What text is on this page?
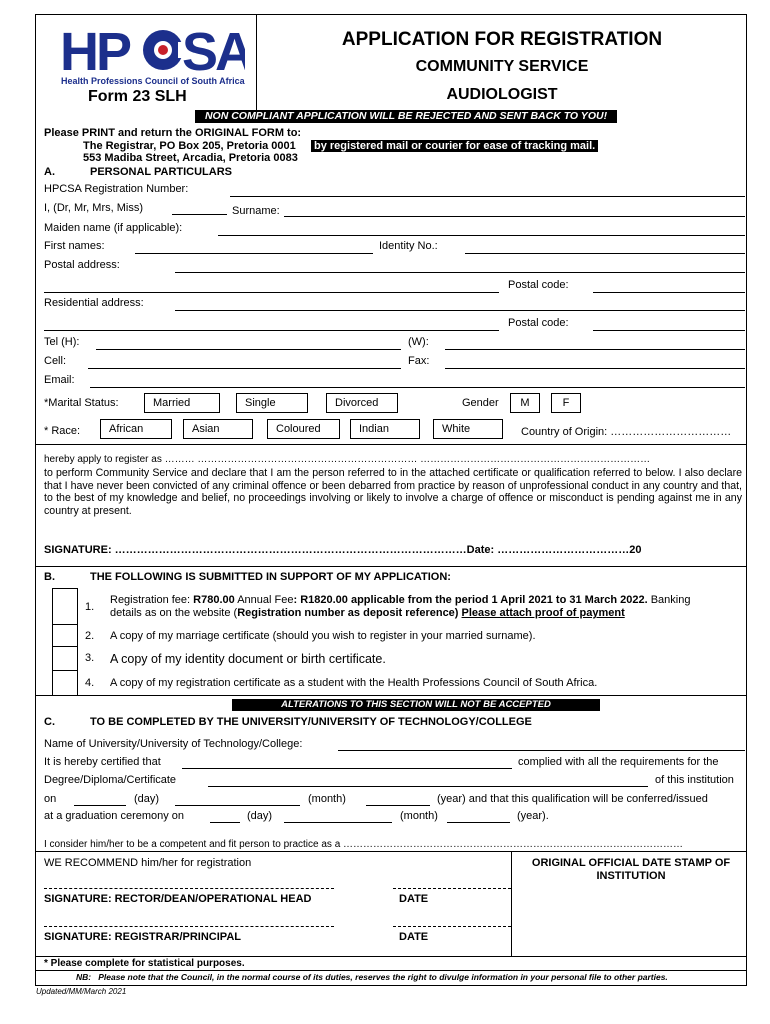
HP SA
Health Professions Council of South Africa
Form 23 SLH
APPLICATION FOR REGISTRATION
COMMUNITY SERVICE
AUDIOLOGIST
NON COMPLIANT APPLICATION WILL BE REJECTED AND SENT BACK TO YOU!
Please PRINT and return the ORIGINAL FORM to:
The Registrar, PO Box 205, Pretoria 0001 by registered mail or courier for ease of tracking mail.
553 Madiba Street, Arcadia, Pretoria 0083
A.	PERSONAL PARTICULARS
HPCSA Registration Number:
I, (Dr, Mr, Mrs, Miss)	Surname:
Maiden name (if applicable):
First names:	Identity No.:
Postal address:
Postal code:
Residential address:
Postal code:
Tel (H):	(W):
Cell:	Fax:
Email:
*Marital Status:	Married	Single	Divorced	Gender	M	F
* Race:	African	Asian	Coloured	Indian	White	Country of Origin: ……………………………
hereby apply to register as ……… ………………………………………………………… ……………………………………………………………
to perform Community Service and declare that I am the person referred to in the attached certificate or qualification referred to below. I also declare that I have never been convicted of any criminal offence or been debarred from practice by reason of unprofessional conduct in any country and that, to the best of my knowledge and belief, no proceedings involving or likely to involve a charge of offence or misconduct is pending against me in any country at present.
SIGNATURE: ……………………………………………………………………………………Date: ………………………………20
B.	THE FOLLOWING IS SUBMITTED IN SUPPORT OF MY APPLICATION:
1.
Registration fee: R780.00 Annual Fee: R1820.00 applicable from the period 1 April 2021 to 31 March 2022. Banking
details as on the website (Registration number as deposit reference) Please attach proof of payment
2. A copy of my marriage certificate (should you wish to register in your married surname).
3. A copy of my identity document or birth certificate.
4. A copy of my registration certificate as a student with the Health Professions Council of South Africa.
ALTERATIONS TO THIS SECTION WILL NOT BE ACCEPTED
C.	TO BE COMPLETED BY THE UNIVERSITY/UNIVERSITY OF TECHNOLOGY/COLLEGE
Name of University/University of Technology/College:
It is hereby certified that	complied with all the requirements for the
Degree/Diploma/Certificate	of this institution
on	(day)	(month)	(year) and that this qualification will be conferred/issued
at a graduation ceremony on	(day)	(month)	(year).
I consider him/her to be a competent and fit person to practice as a …………………………………………………………………………………………
WE RECOMMEND him/her for registration	ORIGINAL OFFICIAL DATE STAMP OF INSTITUTION
SIGNATURE: RECTOR/DEAN/OPERATIONAL HEAD	DATE
SIGNATURE: REGISTRAR/PRINCIPAL	DATE
* Please complete for statistical purposes.
NB: Please note that the Council, in the normal course of its duties, reserves the right to divulge information in your personal file to other parties.
Updated/MM/March 2021
